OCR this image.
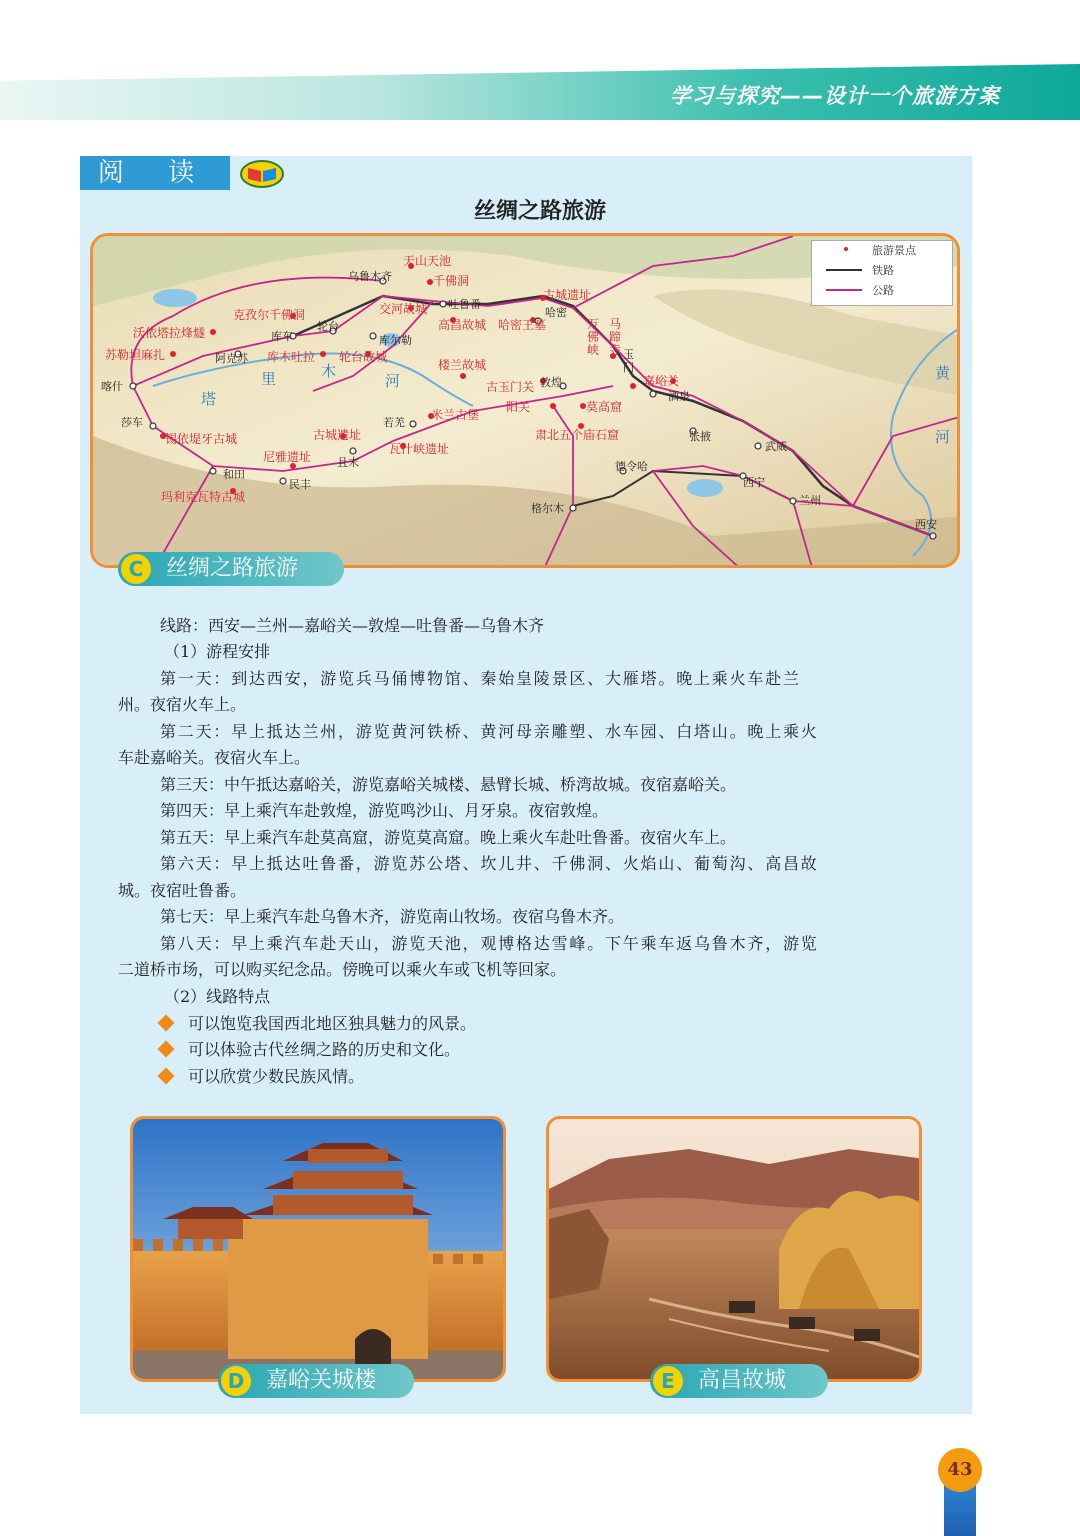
学习与探究——设计一个旅游方案
阅 读
丝绸之路旅游
旅游景点
铁路
公路
天山天池
千佛洞
交河故城
克孜尔千佛洞
高昌故城 哈密王墓
古城遗址
沃依塔拉烽燧
苏勒坦麻扎	库木吐拉 轮台故城
楼兰故城
古玉门关
阳关	莫高窟
万佛峡
马蹄寺 玉门
嘉峪关
米兰古堡
古城遗址
瓦什峡遗址
尼雅遗址
锡依堤牙古城
玛利克瓦特古城
肃北五个庙石窟
乌鲁木齐
吐鲁番
哈密
库车
轮台
阿克苏
库尔勒
喀什
莎车
和田
民丰
且末
若羌
敦煌
酒泉
张掖
武威
德令哈
西宁
兰州
格尔木
西安
塔
里	木
河	黄
河
C	丝绸之路旅游
线路：西安—兰州—嘉峪关—敦煌—吐鲁番—乌鲁木齐
（1）游程安排
第一天：到达西安，游览兵马俑博物馆、秦始皇陵景区、大雁塔。晚上乘火车赴兰
州。夜宿火车上。
第二天：早上抵达兰州，游览黄河铁桥、黄河母亲雕塑、水车园、白塔山。晚上乘火
车赴嘉峪关。夜宿火车上。
第三天：中午抵达嘉峪关，游览嘉峪关城楼、悬臂长城、桥湾故城。夜宿嘉峪关。
第四天：早上乘汽车赴敦煌，游览鸣沙山、月牙泉。夜宿敦煌。
第五天：早上乘汽车赴莫高窟，游览莫高窟。晚上乘火车赴吐鲁番。夜宿火车上。
第六天：早上抵达吐鲁番，游览苏公塔、坎儿井、千佛洞、火焰山、葡萄沟、高昌故
城。夜宿吐鲁番。
第七天：早上乘汽车赴乌鲁木齐，游览南山牧场。夜宿乌鲁木齐。
第八天：早上乘汽车赴天山，游览天池，观博格达雪峰。下午乘车返乌鲁木齐，游览
二道桥市场，可以购买纪念品。傍晚可以乘火车或飞机等回家。
（2）线路特点
可以饱览我国西北地区独具魅力的风景。
可以体验古代丝绸之路的历史和文化。
可以欣赏少数民族风情。
D 嘉峪关城楼	E	高昌故城
43
